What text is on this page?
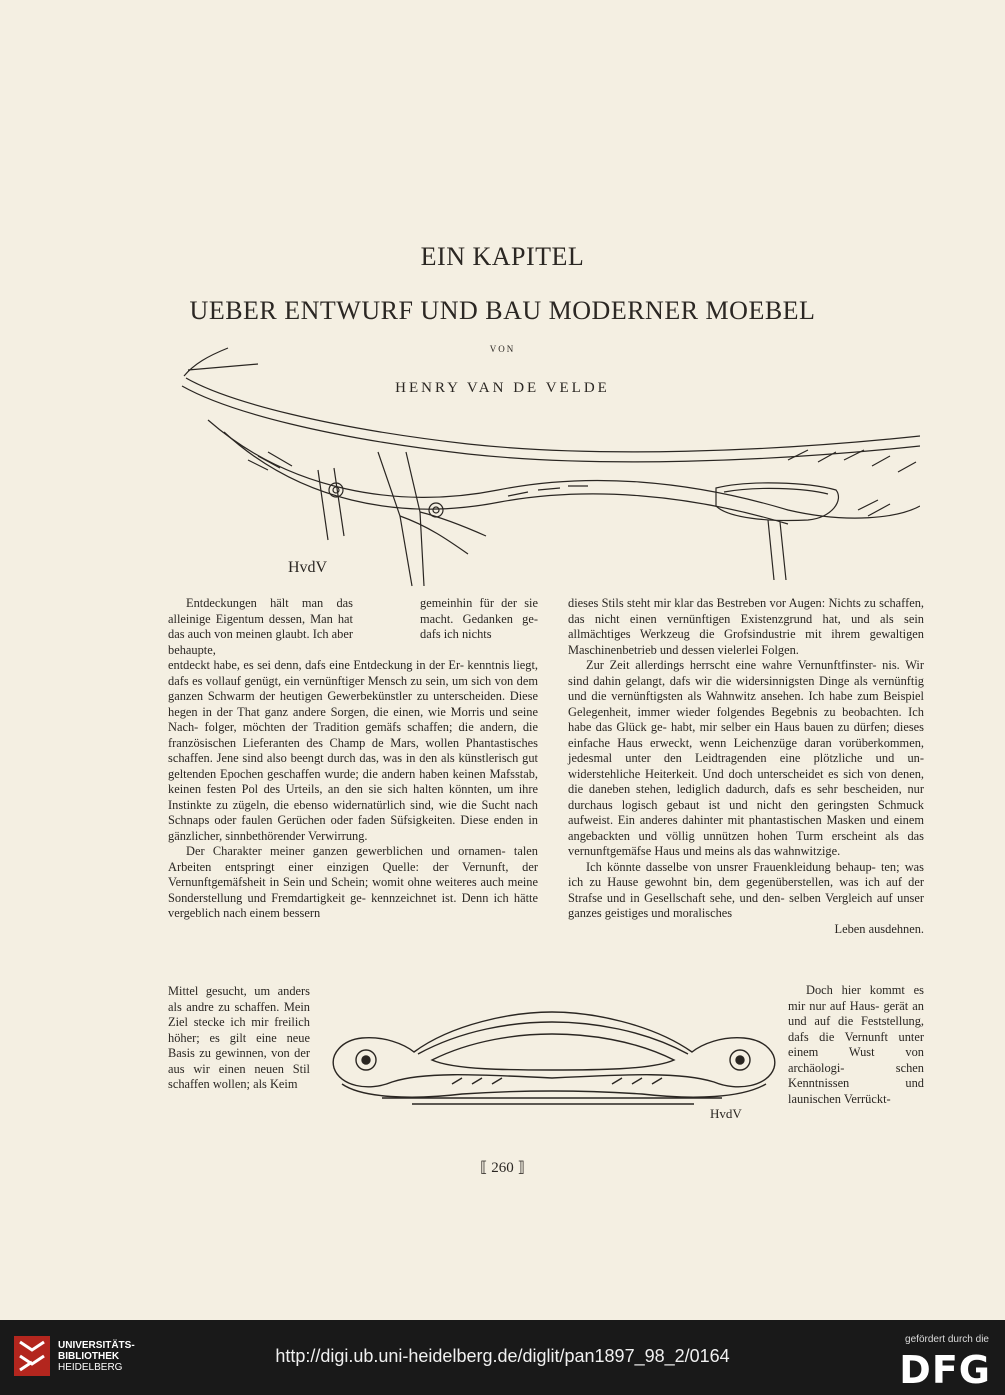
EIN KAPITEL
UEBER ENTWURF UND BAU MODERNER MOEBEL
VON
HENRY VAN DE VELDE
HvdV

Entdeckungen hält man das alleinige Eigentum dessen, Man hat das auch von meinen glaubt. Ich aber behaupte,

gemeinhin für der sie macht. Gedanken ge- dafs ich nichts

entdeckt habe, es sei denn, dafs eine Entdeckung in der Er- kenntnis liegt, dafs es vollauf genügt, ein vernünftiger Mensch zu sein, um sich von dem ganzen Schwarm der heutigen Gewerbekünstler zu unterscheiden. Diese hegen in der That ganz andere Sorgen, die einen, wie Morris und seine Nach- folger, möchten der Tradition gemäfs schaffen; die andern, die französischen Lieferanten des Champ de Mars, wollen Phantastisches schaffen. Jene sind also beengt durch das, was in den als künstlerisch gut geltenden Epochen geschaffen wurde; die andern haben keinen Mafsstab, keinen festen Pol des Urteils, an den sie sich halten könnten, um ihre Instinkte zu zügeln, die ebenso widernatürlich sind, wie die Sucht nach Schnaps oder faulen Gerüchen oder faden Süfsigkeiten. Diese enden in gänzlicher, sinnbethörender Verwirrung.

Der Charakter meiner ganzen gewerblichen und ornamen- talen Arbeiten entspringt einer einzigen Quelle: der Vernunft, der Vernunftgemäfsheit in Sein und Schein; womit ohne weiteres auch meine Sonderstellung und Fremdartigkeit ge- kennzeichnet ist. Denn ich hätte vergeblich nach einem bessern

Mittel gesucht, um anders als andre zu schaffen. Mein Ziel stecke ich mir freilich höher; es gilt eine neue Basis zu gewinnen, von der aus wir einen neuen Stil schaffen wollen; als Keim

dieses Stils steht mir klar das Bestreben vor Augen: Nichts zu schaffen, das nicht einen vernünftigen Existenzgrund hat, und als sein allmächtiges Werkzeug die Grofsindustrie mit ihrem gewaltigen Maschinenbetrieb und dessen vielerlei Folgen.

Zur Zeit allerdings herrscht eine wahre Vernunftfinster- nis. Wir sind dahin gelangt, dafs wir die widersinnigsten Dinge als vernünftig und die vernünftigsten als Wahnwitz ansehen. Ich habe zum Beispiel Gelegenheit, immer wieder folgendes Begebnis zu beobachten. Ich habe das Glück ge- habt, mir selber ein Haus bauen zu dürfen; dieses einfache Haus erweckt, wenn Leichenzüge daran vorüberkommen, jedesmal unter den Leidtragenden eine plötzliche und un- widerstehliche Heiterkeit. Und doch unterscheidet es sich von denen, die daneben stehen, lediglich dadurch, dafs es sehr bescheiden, nur durchaus logisch gebaut ist und nicht den geringsten Schmuck aufweist. Ein anderes dahinter mit phantastischen Masken und einem angebackten und völlig unnützen hohen Turm erscheint als das vernunftgemäfse Haus und meins als das wahnwitzige.

Ich könnte dasselbe von unsrer Frauenkleidung behaup- ten; was ich zu Hause gewohnt bin, dem gegenüberstellen, was ich auf der Strafse und in Gesellschaft sehe, und den- selben Vergleich auf unser ganzes geistiges und moralisches

Leben ausdehnen.

Doch hier kommt es mir nur auf Haus- gerät an und auf die Feststellung, dafs die Vernunft unter einem Wust von archäologi- schen Kenntnissen und launischen Verrückt-

HvdV
⟦ 260 ⟧
UNIVERSITÄTS-
BIBLIOTHEK
HEIDELBERG
http://digi.ub.uni-heidelberg.de/diglit/pan1897_98_2/0164
gefördert durch die
DFG
